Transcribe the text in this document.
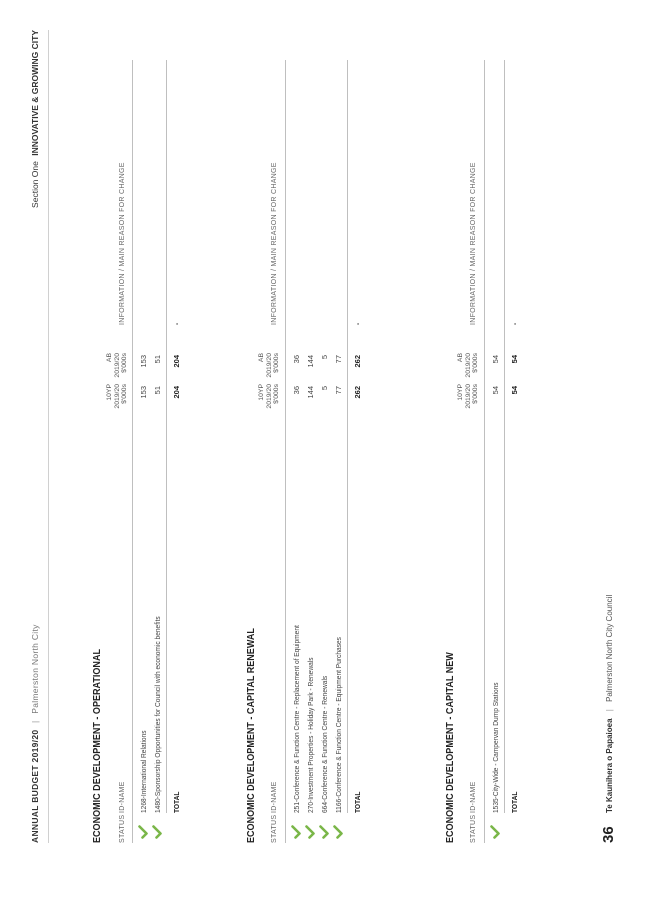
ANNUAL BUDGET 2019/20 | Palmerston North City
Section One INNOVATIVE & GROWING CITY
ECONOMIC DEVELOPMENT - OPERATIONAL STATUS
ID-NAME
10YP 2019/20 $'000s
AB 2019/20 $'000s
INFORMATION / MAIN REASON FOR CHANGE
1268-International Relations
153
153
1480-Sponsorship Opportunities for Council with economic benefits
51
51
TOTAL
204
204
-
ECONOMIC DEVELOPMENT - CAPITAL RENEWAL STATUS
ID-NAME
10YP 2019/20 $'000s
AB 2019/20 $'000s
INFORMATION / MAIN REASON FOR CHANGE
251-Conference & Function Centre - Replacement of Equipment
36
36
270-Investment Properties - Holiday Park - Renewals
144
144
664-Conference & Function Centre - Renewals
5
5
1166-Conference & Function Centre - Equipment Purchases
77
77
TOTAL
262
262
-
ECONOMIC DEVELOPMENT - CAPITAL NEW STATUS
ID-NAME
10YP 2019/20 $'000s
AB 2019/20 $'000s
INFORMATION / MAIN REASON FOR CHANGE
1535-City-Wide - Campervan Dump Stations
54
54
TOTAL
54
54
-
36
Te Kaunihera o Papaioea | Palmerston North City Council
